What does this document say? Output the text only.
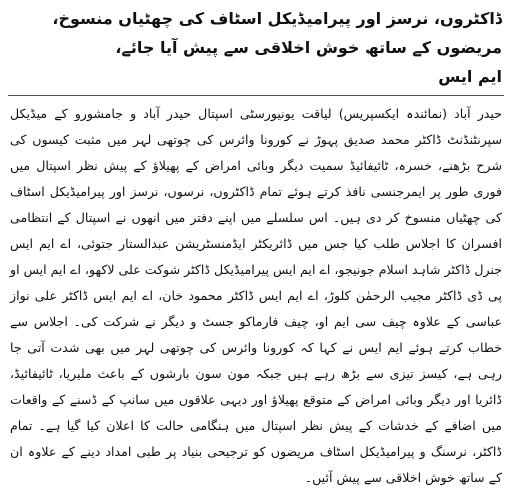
ڈاکٹروں، نرسز اور پیرامیڈیکل اسٹاف کی چھٹیاں منسوخ، مریضوں کے ساتھ خوش اخلاقی سے پیش آیا جائے،
ایم ایس

حیدر آباد (نمائندہ ایکسپریس) لیاقت یونیورسٹی اسپتال حیدر آباد و جامشورو کے میڈیکل سپرنٹنڈنٹ ڈاکٹر محمد صدیق پہوڑ نے کورونا وائرس کی چوتھی لہر میں مثبت کیسوں کی شرح بڑھنے، خسرہ، ٹائیفائیڈ سمیت دیگر وبائی امراض کے پھیلاؤ کے پیش نظر اسپتال میں فوری طور پر ایمرجنسی نافذ کرتے ہوئے تمام ڈاکٹروں، نرسوں، نرسز اور پیرامیڈیکل اسٹاف کی چھٹیاں منسوخ کر دی ہیں۔ اس سلسلے میں اپنے دفتر میں انھوں نے اسپتال کے انتظامی افسران کا اجلاس طلب کیا جس میں ڈائریکٹر ایڈمنسٹریشن عبدالستار جتوئی، اے ایم ایس جنرل ڈاکٹر شاہد اسلام جونیجو، اے ایم ایس پیرامیڈیکل ڈاکٹر شوکت علی لاکھو، اے ایم ایس او پی ڈی ڈاکٹر مجیب الرحمٰن کلوڑ، اے ایم ایس ڈاکٹر محمود خان، اے ایم ایس ڈاکٹر علی نواز عباسی کے علاوہ چیف سی ایم او، چیف فارماکو جسٹ و دیگر نے شرکت کی۔ اجلاس سے خطاب کرتے ہوئے ایم ایس نے کہا کہ کورونا وائرس کی چوتھی لہر میں بھی شدت آتی جا رہی ہے، کیسز تیزی سے بڑھ رہے ہیں جبکہ مون سون بارشوں کے باعث ملیریا، ٹائیفائیڈ، ڈائریا اور دیگر وبائی امراض کے متوقع پھیلاؤ اور دیہی علاقوں میں سانپ کے ڈسنے کے واقعات میں اضافے کے خدشات کے پیش نظر اسپتال میں ہنگامی حالت کا اعلان کیا گیا ہے۔ تمام ڈاکٹر، نرسنگ و پیرامیڈیکل اسٹاف مریضوں کو ترجیحی بنیاد پر طبی امداد دینے کے علاوہ ان کے ساتھ خوش اخلاقی سے پیش آئیں۔
